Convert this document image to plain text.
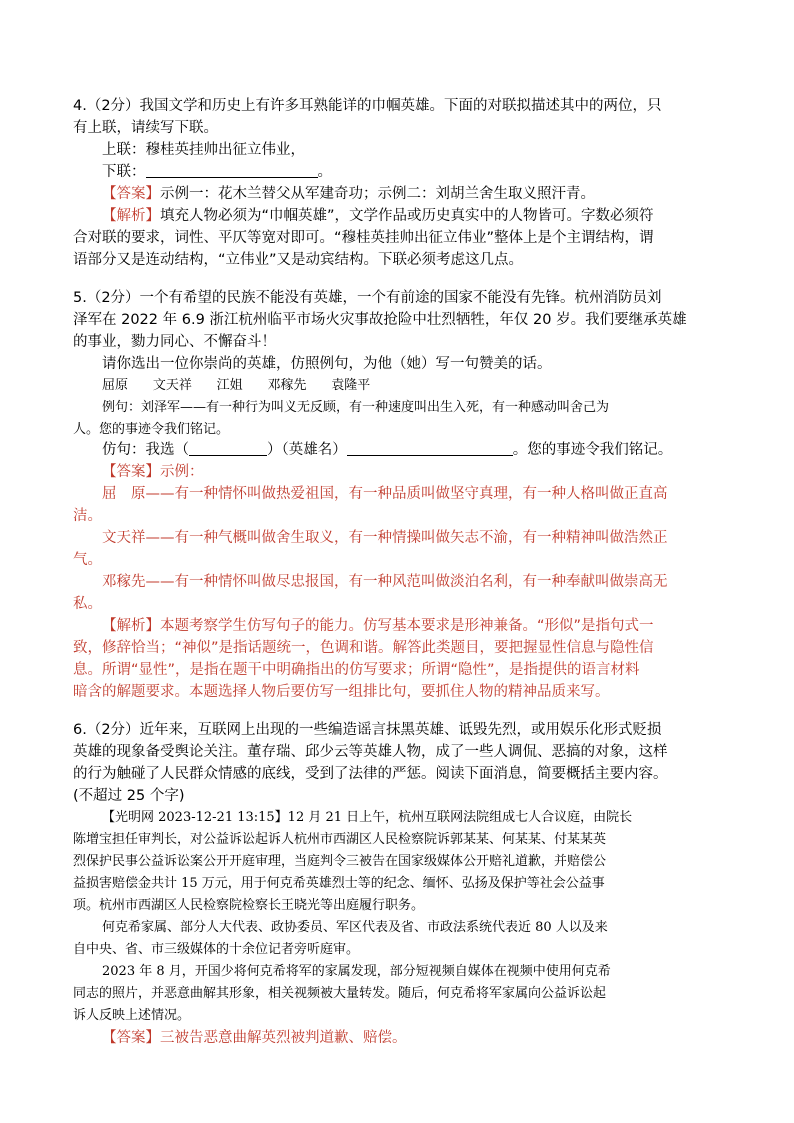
4.（2分）我国文学和历史上有许多耳熟能详的巾帼英雄。下面的对联拟描述其中的两位，只
有上联，请续写下联。

上联：穆桂英挂帅出征立伟业，

下联：	。

【答案】示例一：花木兰替父从军建奇功；示例二：刘胡兰舍生取义照汗青。

【解析】填充人物必须为“巾帼英雄”，文学作品或历史真实中的人物皆可。字数必须符

合对联的要求，词性、平仄等宽对即可。“穆桂英挂帅出征立伟业”整体上是个主谓结构，谓
语部分又是连动结构，“立伟业”又是动宾结构。下联必须考虑这几点。

5.（2分）一个有希望的民族不能没有英雄，一个有前途的国家不能没有先锋。杭州消防员刘
泽军在 2022 年 6.9 浙江杭州临平市场火灾事故抢险中壮烈牺牲，年仅 20 岁。我们要继承英雄
的事业，勠力同心、不懈奋斗！

请你选出一位你崇尚的英雄，仿照例句，为他（她）写一句赞美的话。

屈原 文天祥 江姐 邓稼先 袁隆平

例句：刘泽军——有一种行为叫义无反顾，有一种速度叫出生入死，有一种感动叫舍己为
人。您的事迹令我们铭记。

仿句：我选（	）（英雄名）	。您的事迹令我们铭记。

【答案】示例：

屈　原——有一种情怀叫做热爱祖国，有一种品质叫做坚守真理，有一种人格叫做正直高
洁。

文天祥——有一种气概叫做舍生取义，有一种情操叫做矢志不渝，有一种精神叫做浩然正
气。

邓稼先——有一种情怀叫做尽忠报国，有一种风范叫做淡泊名利，有一种奉献叫做崇高无
私。

【解析】本题考察学生仿写句子的能力。仿写基本要求是形神兼备。“形似”是指句式一

致，修辞恰当；“神似”是指话题统一，色调和谐。解答此类题目，要把握显性信息与隐性信
息。所谓“显性”，是指在题干中明确指出的仿写要求；所谓“隐性”，是指提供的语言材料
暗含的解题要求。本题选择人物后要仿写一组排比句，要抓住人物的精神品质来写。

6.（2分）近年来，互联网上出现的一些编造谣言抹黑英雄、诋毁先烈，或用娱乐化形式贬损
英雄的现象备受舆论关注。董存瑞、邱少云等英雄人物，成了一些人调侃、恶搞的对象，这样
的行为触碰了人民群众情感的底线，受到了法律的严惩。阅读下面消息，简要概括主要内容。
(不超过 25 个字)

【光明网 2023-12-21 13:15】12 月 21 日上午，杭州互联网法院组成七人合议庭，由院长
陈增宝担任审判长，对公益诉讼起诉人杭州市西湖区人民检察院诉郭某某、何某某、付某某英
烈保护民事公益诉讼案公开开庭审理，当庭判令三被告在国家级媒体公开赔礼道歉，并赔偿公
益损害赔偿金共计 15 万元，用于何克希英雄烈士等的纪念、缅怀、弘扬及保护等社会公益事
项。杭州市西湖区人民检察院检察长王晓光等出庭履行职务。

何克希家属、部分人大代表、政协委员、军区代表及省、市政法系统代表近 80 人以及来
自中央、省、市三级媒体的十余位记者旁听庭审。

2023 年 8 月，开国少将何克希将军的家属发现，部分短视频自媒体在视频中使用何克希
同志的照片，并恶意曲解其形象，相关视频被大量转发。随后，何克希将军家属向公益诉讼起
诉人反映上述情况。

【答案】三被告恶意曲解英烈被判道歉、赔偿。
